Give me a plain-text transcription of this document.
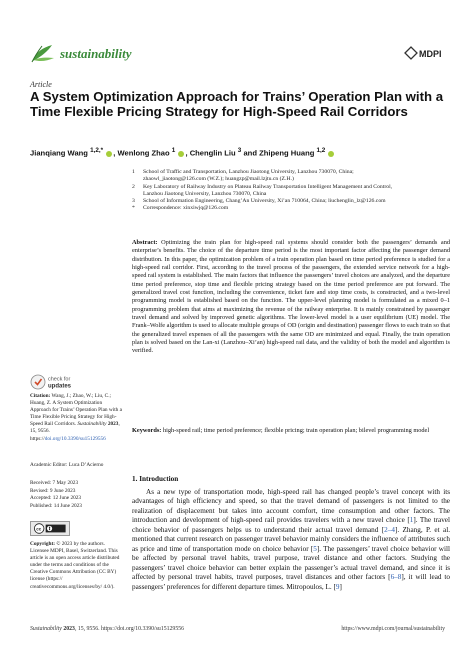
sustainability	MDPI
Article
A System Optimization Approach for Trains’ Operation Plan with a Time Flexible Pricing Strategy for High-Speed Rail Corridors
Jianqiang Wang $^{1,2,*}$ , Wenlong Zhao $^1$ , Chenglin Liu $^3$ and Zhipeng Huang $^{1,2}$
1	School of Traffic and Transportation, Lanzhou Jiaotong University, Lanzhou 730070, China;
zhaowl_jiaotong@126.com (W.Z.); huangzp@mail.lzjtu.cn (Z.H.)
2	Key Laboratory of Railway Industry on Plateau Railway Transportation Intelligent Management and Control,
Lanzhou Jiaotong University, Lanzhou 730070, China
3	School of Information Engineering, Chang’An University, Xi’an 710064, China; liuchenglin_lz@126.com
*	Correspondence: xinxiwjq@126.com
Abstract: Optimizing the train plan for high-speed rail systems should consider both the passengers’ demands and enterprise’s benefits. The choice of the departure time period is the most important factor affecting the passenger demand distribution. In this paper, the optimization problem of a train operation plan based on time period preference is studied for a high-speed rail corridor. First, according to the travel process of the passengers, the extended service network for a high-speed rail system is established. The main factors that influence the passengers’ travel choices are analyzed, and the departure time period preference, stop time and flexible pricing strategy based on the time period preference are put forward. The generalized travel cost function, including the convenience, ticket fare and stop time costs, is constructed, and a two-level programming model is established based on the function. The upper-level planning model is formulated as a mixed 0–1 programming problem that aims at maximizing the revenue of the railway enterprise. It is mainly constrained by passenger travel demand and solved by improved genetic algorithms. The lower-level model is a user equilibrium (UE) model. The Frank–Wolfe algorithm is used to allocate multiple groups of OD (origin and destination) passenger flows to each train so that the generalized travel expenses of all the passengers with the same OD are minimized and equal. Finally, the train operation plan is solved based on the Lan-xi (Lanzhou–Xi’an) high-speed rail data, and the validity of both the model and algorithm is verified.
Keywords: high-speed rail; time period preference; flexible pricing; train operation plan; bilevel programming model
check for
updates
Citation: Wang, J.; Zhao, W.; Liu, C.; Huang, Z. A System Optimization Approach for Trains’ Operation Plan with a Time Flexible Pricing Strategy for High-Speed Rail Corridors. Sustainability 2023, 15, 9556. https://doi.org/10.3390/su15129556
Academic Editor: Luca D’Acierno
Received: 7 May 2023
Revised: 9 June 2023
Accepted: 12 June 2023
Published: 14 June 2023
cc
Copyright: © 2023 by the authors. Licensee MDPI, Basel, Switzerland. This article is an open access article distributed under the terms and conditions of the Creative Commons Attribution (CC BY) license (https:// creativecommons.org/licenses/by/ 4.0/).
1. Introduction
As a new type of transportation mode, high-speed rail has changed people’s travel concept with its advantages of high efficiency and speed, so that the travel demand of passengers is not limited to the realization of displacement but takes into account comfort, time consumption and other factors. The introduction and development of high-speed rail provides travelers with a new travel choice [1]. The travel choice behavior of passengers helps us to understand their actual travel demand [2–4]. Zhang, P. et al. mentioned that current research on passenger travel behavior mainly considers the influence of attributes such as price and time of transportation mode on choice behavior [5]. The passengers’ travel choice behavior will be affected by personal travel habits, travel purpose, travel distance and other factors. Studying the passengers’ travel choice behavior can better explain the passenger’s actual travel demand, and since it is affected by personal travel habits, travel purposes, travel distances and other factors [6–8], it will lead to passengers’ preferences for different departure times. Mitropoulos, L. [9]
Sustainability 2023, 15, 9556. https://doi.org/10.3390/su15129556	https://www.mdpi.com/journal/sustainability
